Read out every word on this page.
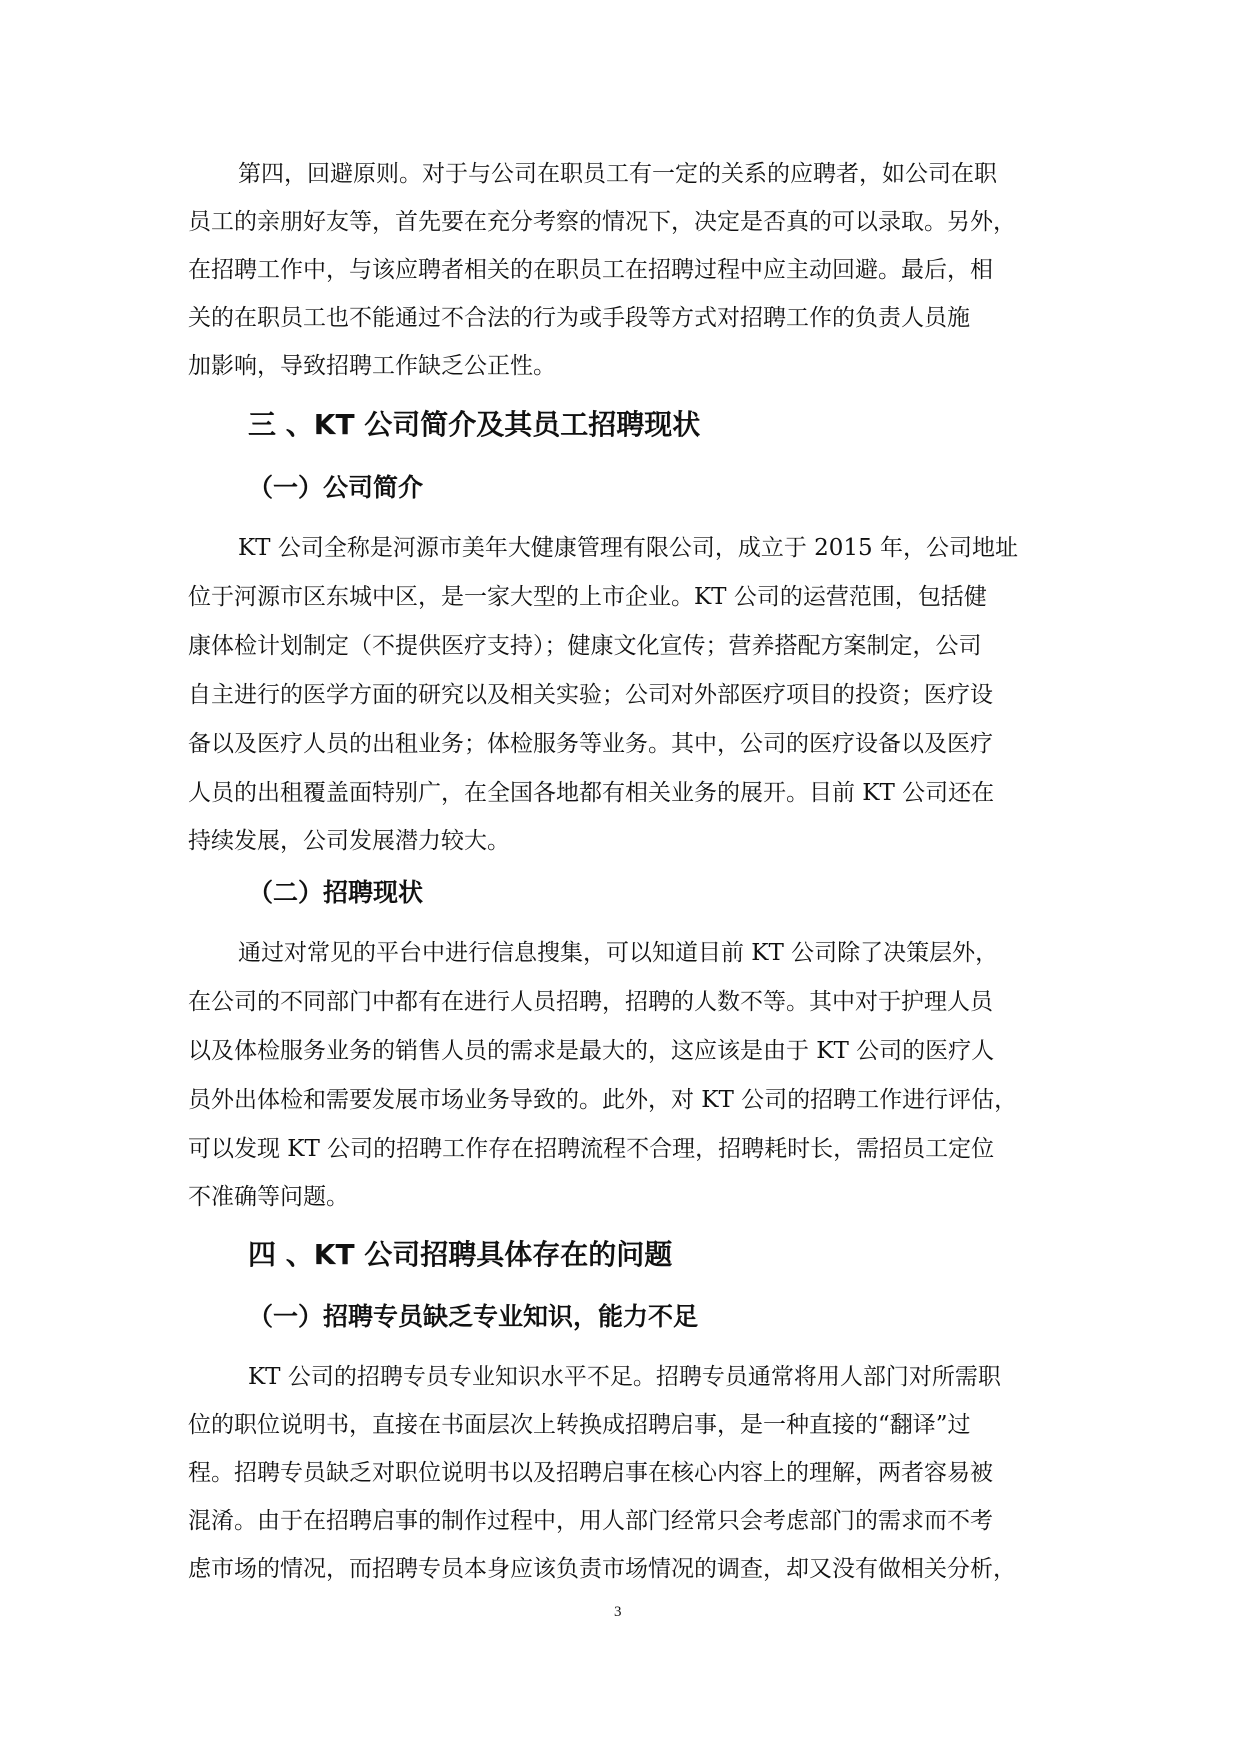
第四，回避原则。对于与公司在职员工有一定的关系的应聘者，如公司在职
员工的亲朋好友等，首先要在充分考察的情况下，决定是否真的可以录取。另外，
在招聘工作中，与该应聘者相关的在职员工在招聘过程中应主动回避。最后，相
关的在职员工也不能通过不合法的行为或手段等方式对招聘工作的负责人员施
加影响，导致招聘工作缺乏公正性。
三 、KT 公司简介及其员工招聘现状
（一）公司简介
KT 公司全称是河源市美年大健康管理有限公司，成立于 2015 年，公司地址
位于河源市区东城中区，是一家大型的上市企业。KT 公司的运营范围，包括健
康体检计划制定（不提供医疗支持）；健康文化宣传；营养搭配方案制定，公司
自主进行的医学方面的研究以及相关实验；公司对外部医疗项目的投资；医疗设
备以及医疗人员的出租业务；体检服务等业务。其中，公司的医疗设备以及医疗
人员的出租覆盖面特别广，在全国各地都有相关业务的展开。目前 KT 公司还在
持续发展，公司发展潜力较大。
（二）招聘现状
通过对常见的平台中进行信息搜集，可以知道目前 KT 公司除了决策层外，
在公司的不同部门中都有在进行人员招聘，招聘的人数不等。其中对于护理人员
以及体检服务业务的销售人员的需求是最大的，这应该是由于 KT 公司的医疗人
员外出体检和需要发展市场业务导致的。此外，对 KT 公司的招聘工作进行评估，
可以发现 KT 公司的招聘工作存在招聘流程不合理，招聘耗时长，需招员工定位
不准确等问题。
四 、KT 公司招聘具体存在的问题
（一）招聘专员缺乏专业知识，能力不足
KT 公司的招聘专员专业知识水平不足。招聘专员通常将用人部门对所需职
位的职位说明书，直接在书面层次上转换成招聘启事，是一种直接的“翻译”过
程。招聘专员缺乏对职位说明书以及招聘启事在核心内容上的理解，两者容易被
混淆。由于在招聘启事的制作过程中，用人部门经常只会考虑部门的需求而不考
虑市场的情况，而招聘专员本身应该负责市场情况的调查，却又没有做相关分析，
3
